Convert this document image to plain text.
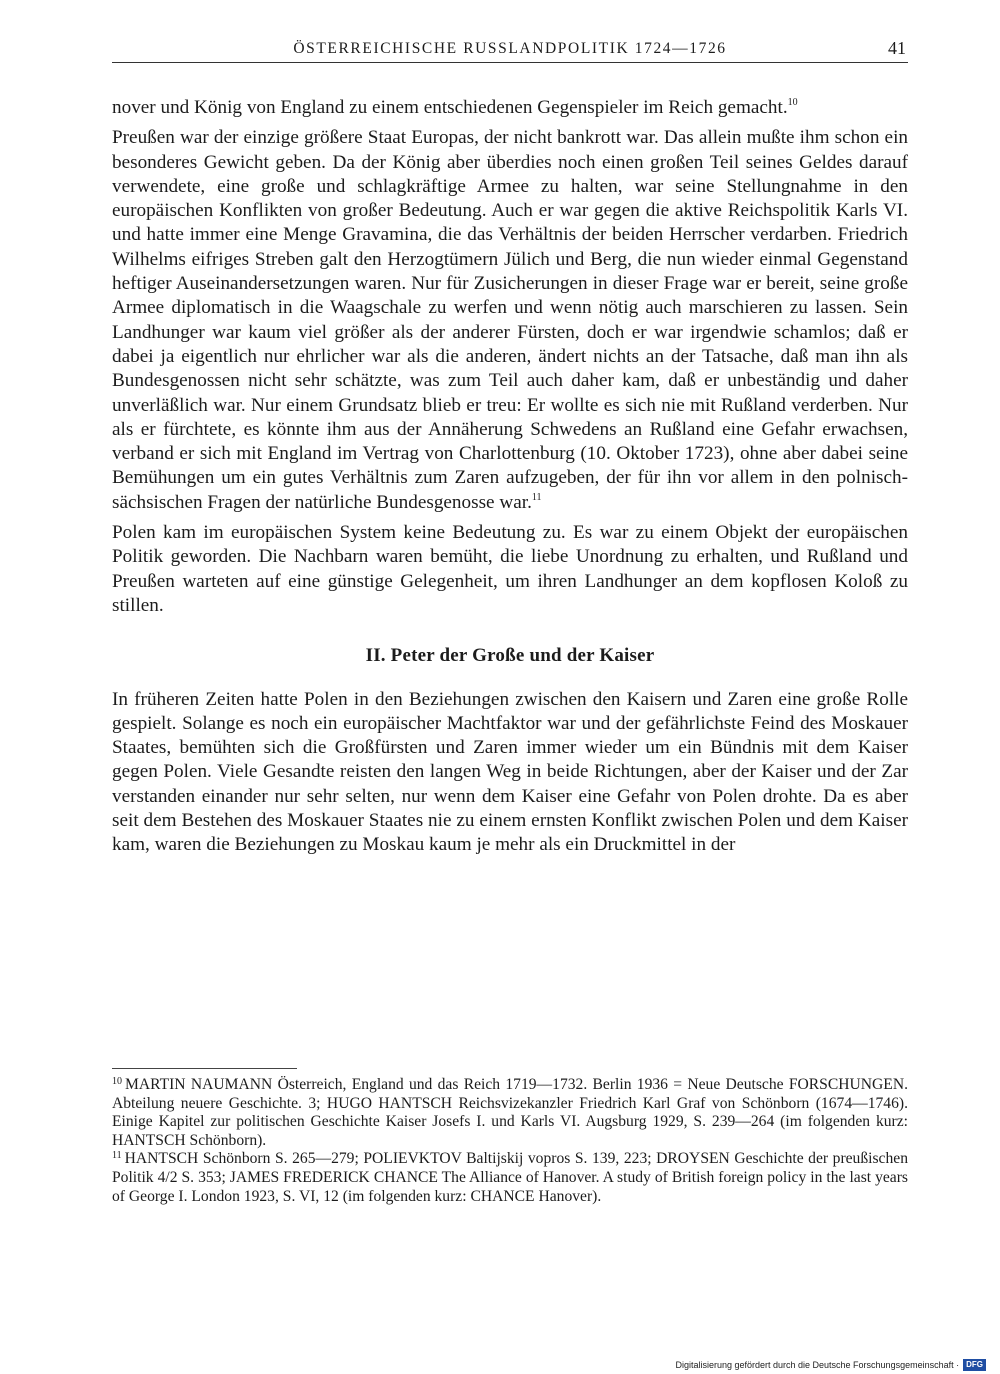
ÖSTERREICHISCHE RUSSLANDPOLITIK 1724—1726	41

nover und König von England zu einem entschiedenen Gegenspieler im Reich gemacht.$^{10}$

Preußen war der einzige größere Staat Europas, der nicht bankrott war. Das allein mußte ihm schon ein besonderes Gewicht geben. Da der König aber überdies noch einen großen Teil seines Geldes darauf verwendete, eine große und schlagkräftige Armee zu halten, war seine Stellungnahme in den europäischen Konflikten von großer Bedeutung. Auch er war gegen die aktive Reichspolitik Karls VI. und hatte immer eine Menge Gravamina, die das Verhältnis der beiden Herrscher verdarben. Friedrich Wilhelms eifriges Streben galt den Herzogtümern Jülich und Berg, die nun wieder einmal Gegenstand heftiger Auseinandersetzungen waren. Nur für Zusicherungen in dieser Frage war er bereit, seine große Armee diplomatisch in die Waagschale zu werfen und wenn nötig auch marschieren zu lassen. Sein Landhunger war kaum viel größer als der anderer Fürsten, doch er war irgendwie schamlos; daß er dabei ja eigentlich nur ehrlicher war als die anderen, ändert nichts an der Tatsache, daß man ihn als Bundesgenossen nicht sehr schätzte, was zum Teil auch daher kam, daß er unbeständig und daher unverläßlich war. Nur einem Grundsatz blieb er treu: Er wollte es sich nie mit Rußland verderben. Nur als er fürchtete, es könnte ihm aus der Annäherung Schwedens an Rußland eine Gefahr erwachsen, verband er sich mit England im Vertrag von Charlottenburg (10. Oktober 1723), ohne aber dabei seine Bemühungen um ein gutes Verhältnis zum Zaren aufzugeben, der für ihn vor allem in den polnisch-sächsischen Fragen der natürliche Bundesgenosse war.$^{11}$

Polen kam im europäischen System keine Bedeutung zu. Es war zu einem Objekt der europäischen Politik geworden. Die Nachbarn waren bemüht, die liebe Unordnung zu erhalten, und Rußland und Preußen warteten auf eine günstige Gelegenheit, um ihren Landhunger an dem kopflosen Koloß zu stillen.

II. Peter der Große und der Kaiser

In früheren Zeiten hatte Polen in den Beziehungen zwischen den Kaisern und Zaren eine große Rolle gespielt. Solange es noch ein europäischer Machtfaktor war und der gefährlichste Feind des Moskauer Staates, bemühten sich die Großfürsten und Zaren immer wieder um ein Bündnis mit dem Kaiser gegen Polen. Viele Gesandte reisten den langen Weg in beide Richtungen, aber der Kaiser und der Zar verstanden einander nur sehr selten, nur wenn dem Kaiser eine Gefahr von Polen drohte. Da es aber seit dem Bestehen des Moskauer Staates nie zu einem ernsten Konflikt zwischen Polen und dem Kaiser kam, waren die Beziehungen zu Moskau kaum je mehr als ein Druckmittel in der

$^{10}$ MARTIN NAUMANN Österreich, England und das Reich 1719—1732. Berlin 1936 = Neue Deutsche FORSCHUNGEN. Abteilung neuere Geschichte. 3; HUGO HANTSCH Reichsvizekanzler Friedrich Karl Graf von Schönborn (1674—1746). Einige Kapitel zur politischen Geschichte Kaiser Josefs I. und Karls VI. Augsburg 1929, S. 239—264 (im folgenden kurz: HANTSCH Schönborn).

$^{11}$ HANTSCH Schönborn S. 265—279; POLIEVKTOV Baltijskij vopros S. 139, 223; DROYSEN Geschichte der preußischen Politik 4/2 S. 353; JAMES FREDERICK CHANCE The Alliance of Hanover. A study of British foreign policy in the last years of George I. London 1923, S. VI, 12 (im folgenden kurz: CHANCE Hanover).

Digitalisierung gefördert durch die Deutsche Forschungsgemeinschaft · DFG
